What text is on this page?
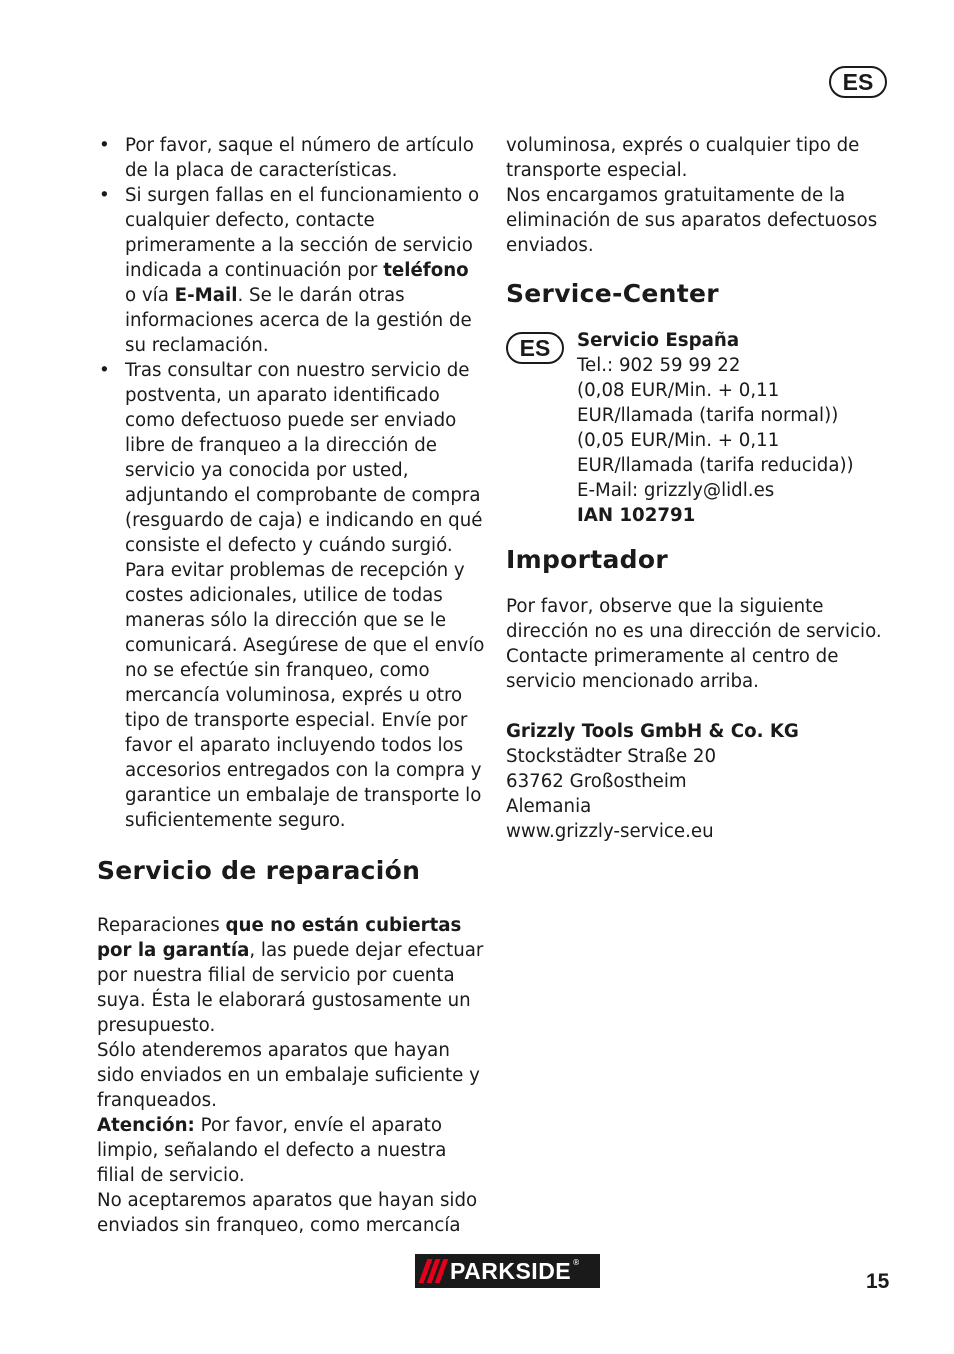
ES
• Por favor, saque el número de artículo de la placa de características.
• Si surgen fallas en el funcionamiento o cualquier defecto, contacte primeramente a la sección de servicio indicada a continuación por teléfono o vía E-Mail. Se le darán otras informaciones acerca de la gestión de su reclamación.
• Tras consultar con nuestro servicio de postventa, un aparato identificado como defectuoso puede ser enviado libre de franqueo a la dirección de servicio ya conocida por usted, adjuntando el comprobante de compra (resguardo de caja) e indicando en qué consiste el defecto y cuándo surgió. Para evitar problemas de recepción y costes adicionales, utilice de todas maneras sólo la dirección que se le comunicará. Asegúrese de que el envío no se efectúe sin franqueo, como mercancía voluminosa, exprés u otro tipo de transporte especial. Envíe por favor el aparato incluyendo todos los accesorios entregados con la compra y garantice un embalaje de transporte lo suficientemente seguro.
Servicio de reparación

Reparaciones que no están cubiertas por la garantía, las puede dejar efectuar por nuestra filial de servicio por cuenta suya. Ésta le elaborará gustosamente un presupuesto.

Sólo atenderemos aparatos que hayan sido enviados en un embalaje suficiente y franqueados.

Atención: Por favor, envíe el aparato limpio, señalando el defecto a nuestra filial de servicio.

No aceptaremos aparatos que hayan sido enviados sin franqueo, como mercancía

voluminosa, exprés o cualquier tipo de transporte especial.

Nos encargamos gratuitamente de la eliminación de sus aparatos defectuosos enviados.

Service-Center
ES	Servicio España

Tel.: 902 59 99 22

(0,08 EUR/Min. + 0,11 EUR/llamada (tarifa normal))

(0,05 EUR/Min. + 0,11 EUR/llamada (tarifa reducida))

E-Mail: grizzly@lidl.es

IAN 102791

Importador

Por favor, observe que la siguiente dirección no es una dirección de servicio. Contacte primeramente al centro de servicio mencionado arriba.

Grizzly Tools GmbH & Co. KG

Stockstädter Straße 20

63762 Großostheim

Alemania

www.grizzly-service.eu

PARKSIDE ®
15
